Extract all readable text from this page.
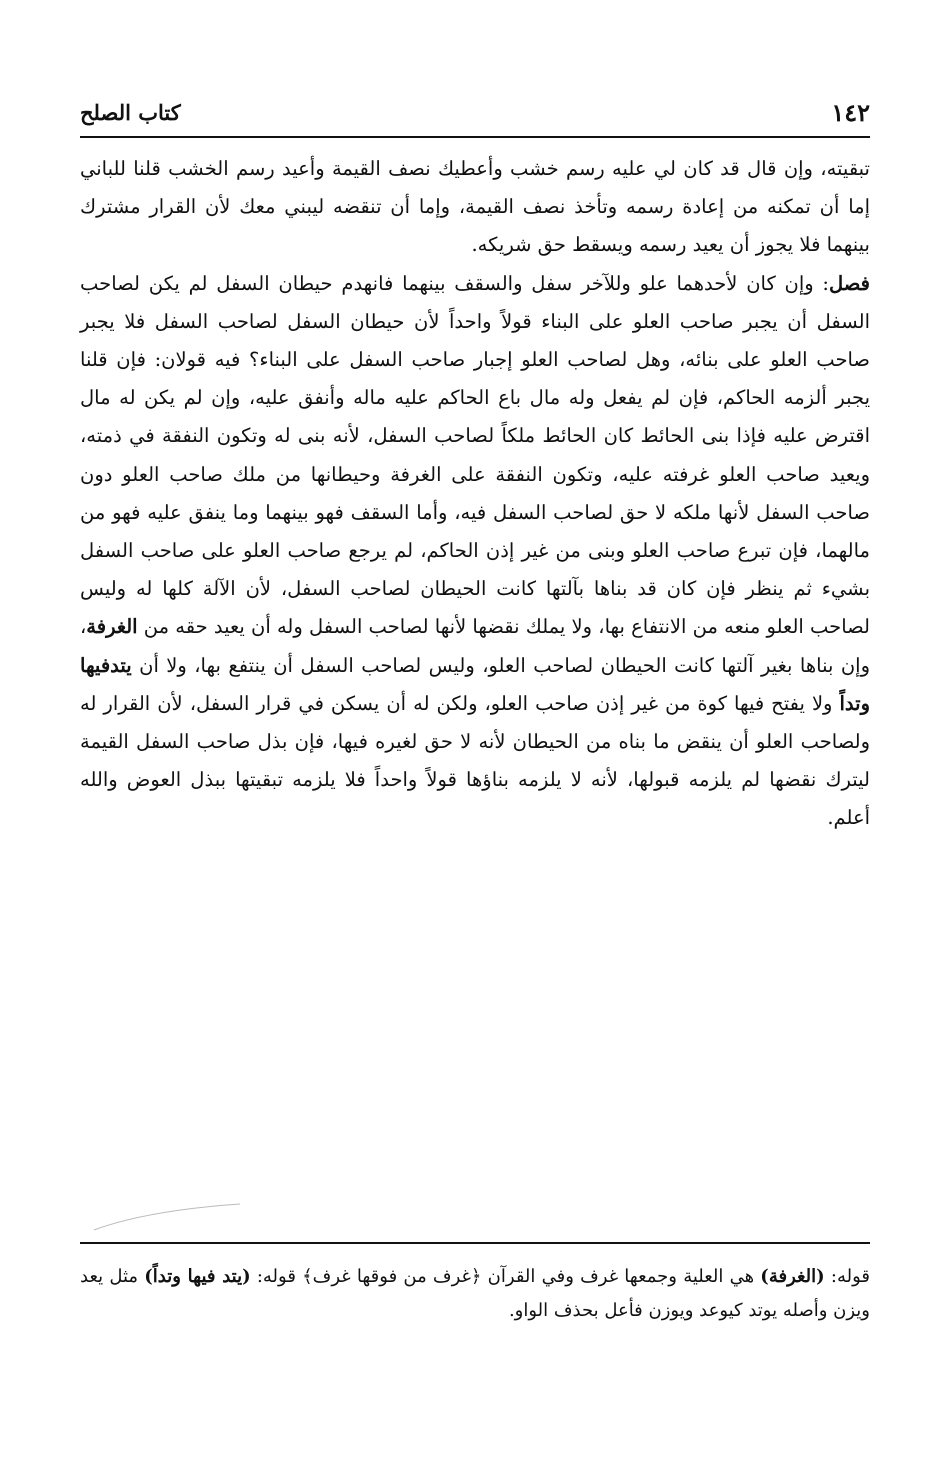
١٤٢
كتاب الصلح

تبقيته، وإن قال قد كان لي عليه رسم خشب وأعطيك نصف القيمة وأعيد رسم الخشب قلنا للباني إما أن تمكنه من إعادة رسمه وتأخذ نصف القيمة، وإما أن تنقضه ليبني معك لأن القرار مشترك بينهما فلا يجوز أن يعيد رسمه ويسقط حق شريكه.

فصل: وإن كان لأحدهما علو وللآخر سفل والسقف بينهما فانهدم حيطان السفل لم يكن لصاحب السفل أن يجبر صاحب العلو على البناء قولاً واحداً لأن حيطان السفل لصاحب السفل فلا يجبر صاحب العلو على بنائه، وهل لصاحب العلو إجبار صاحب السفل على البناء؟ فيه قولان: فإن قلنا يجبر ألزمه الحاكم، فإن لم يفعل وله مال باع الحاكم عليه ماله وأنفق عليه، وإن لم يكن له مال اقترض عليه فإذا بنى الحائط كان الحائط ملكاً لصاحب السفل، لأنه بنى له وتكون النفقة في ذمته، ويعيد صاحب العلو غرفته عليه، وتكون النفقة على الغرفة وحيطانها من ملك صاحب العلو دون صاحب السفل لأنها ملكه لا حق لصاحب السفل فيه، وأما السقف فهو بينهما وما ينفق عليه فهو من مالهما، فإن تبرع صاحب العلو وبنى من غير إذن الحاكم، لم يرجع صاحب العلو على صاحب السفل بشيء ثم ينظر فإن كان قد بناها بآلتها كانت الحيطان لصاحب السفل، لأن الآلة كلها له وليس لصاحب العلو منعه من الانتفاع بها، ولا يملك نقضها لأنها لصاحب السفل وله أن يعيد حقه من الغرفة، وإن بناها بغير آلتها كانت الحيطان لصاحب العلو، وليس لصاحب السفل أن ينتفع بها، ولا أن يتدفيها وتداً ولا يفتح فيها كوة من غير إذن صاحب العلو، ولكن له أن يسكن في قرار السفل، لأن القرار له ولصاحب العلو أن ينقض ما بناه من الحيطان لأنه لا حق لغيره فيها، فإن بذل صاحب السفل القيمة ليترك نقضها لم يلزمه قبولها، لأنه لا يلزمه بناؤها قولاً واحداً فلا يلزمه تبقيتها ببذل العوض والله أعلم.

قوله: (الغرفة) هي العلية وجمعها غرف وفي القرآن ﴿غرف من فوقها غرف﴾ قوله: (يتد فيها وتداً) مثل يعد ويزن وأصله يوتد كيوعد ويوزن فأعل بحذف الواو.
